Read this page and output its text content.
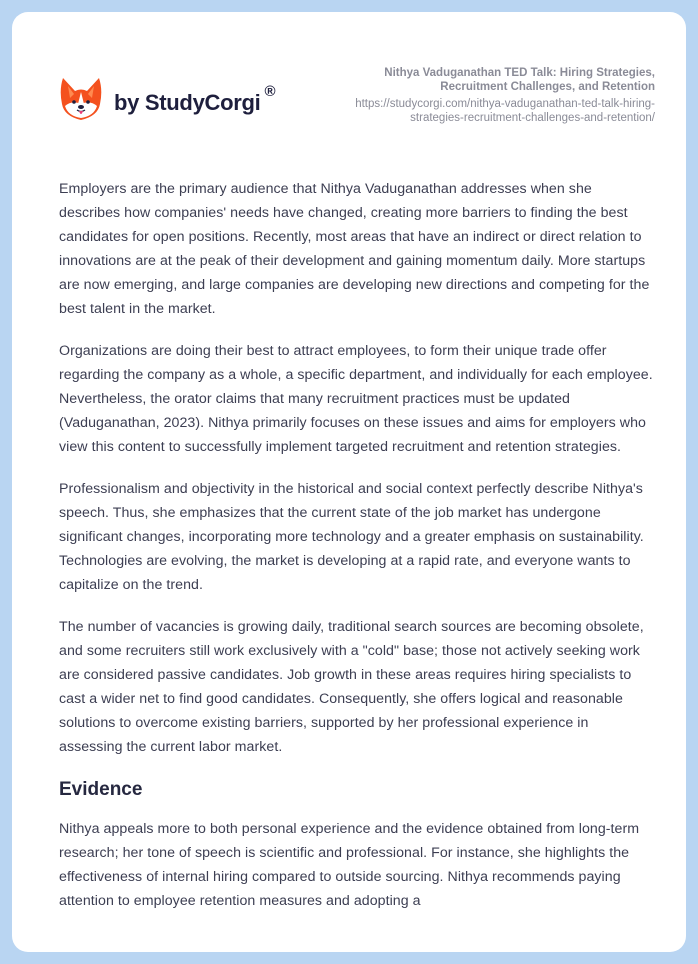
by StudyCorgi ®
Nithya Vaduganathan TED Talk: Hiring Strategies,
Recruitment Challenges, and Retention
https://studycorgi.com/nithya-vaduganathan-ted-talk-hiring-
strategies-recruitment-challenges-and-retention/

Employers are the primary audience that Nithya Vaduganathan addresses when she describes how companies' needs have changed, creating more barriers to finding the best candidates for open positions. Recently, most areas that have an indirect or direct relation to innovations are at the peak of their development and gaining momentum daily. More startups are now emerging, and large companies are developing new directions and competing for the best talent in the market.

Organizations are doing their best to attract employees, to form their unique trade offer regarding the company as a whole, a specific department, and individually for each employee. Nevertheless, the orator claims that many recruitment practices must be updated (Vaduganathan, 2023). Nithya primarily focuses on these issues and aims for employers who view this content to successfully implement targeted recruitment and retention strategies.

Professionalism and objectivity in the historical and social context perfectly describe Nithya's speech. Thus, she emphasizes that the current state of the job market has undergone significant changes, incorporating more technology and a greater emphasis on sustainability. Technologies are evolving, the market is developing at a rapid rate, and everyone wants to capitalize on the trend.

The number of vacancies is growing daily, traditional search sources are becoming obsolete, and some recruiters still work exclusively with a "cold" base; those not actively seeking work are considered passive candidates. Job growth in these areas requires hiring specialists to cast a wider net to find good candidates. Consequently, she offers logical and reasonable solutions to overcome existing barriers, supported by her professional experience in assessing the current labor market.

Evidence

Nithya appeals more to both personal experience and the evidence obtained from long-term research; her tone of speech is scientific and professional. For instance, she highlights the effectiveness of internal hiring compared to outside sourcing. Nithya recommends paying attention to employee retention measures and adopting a
